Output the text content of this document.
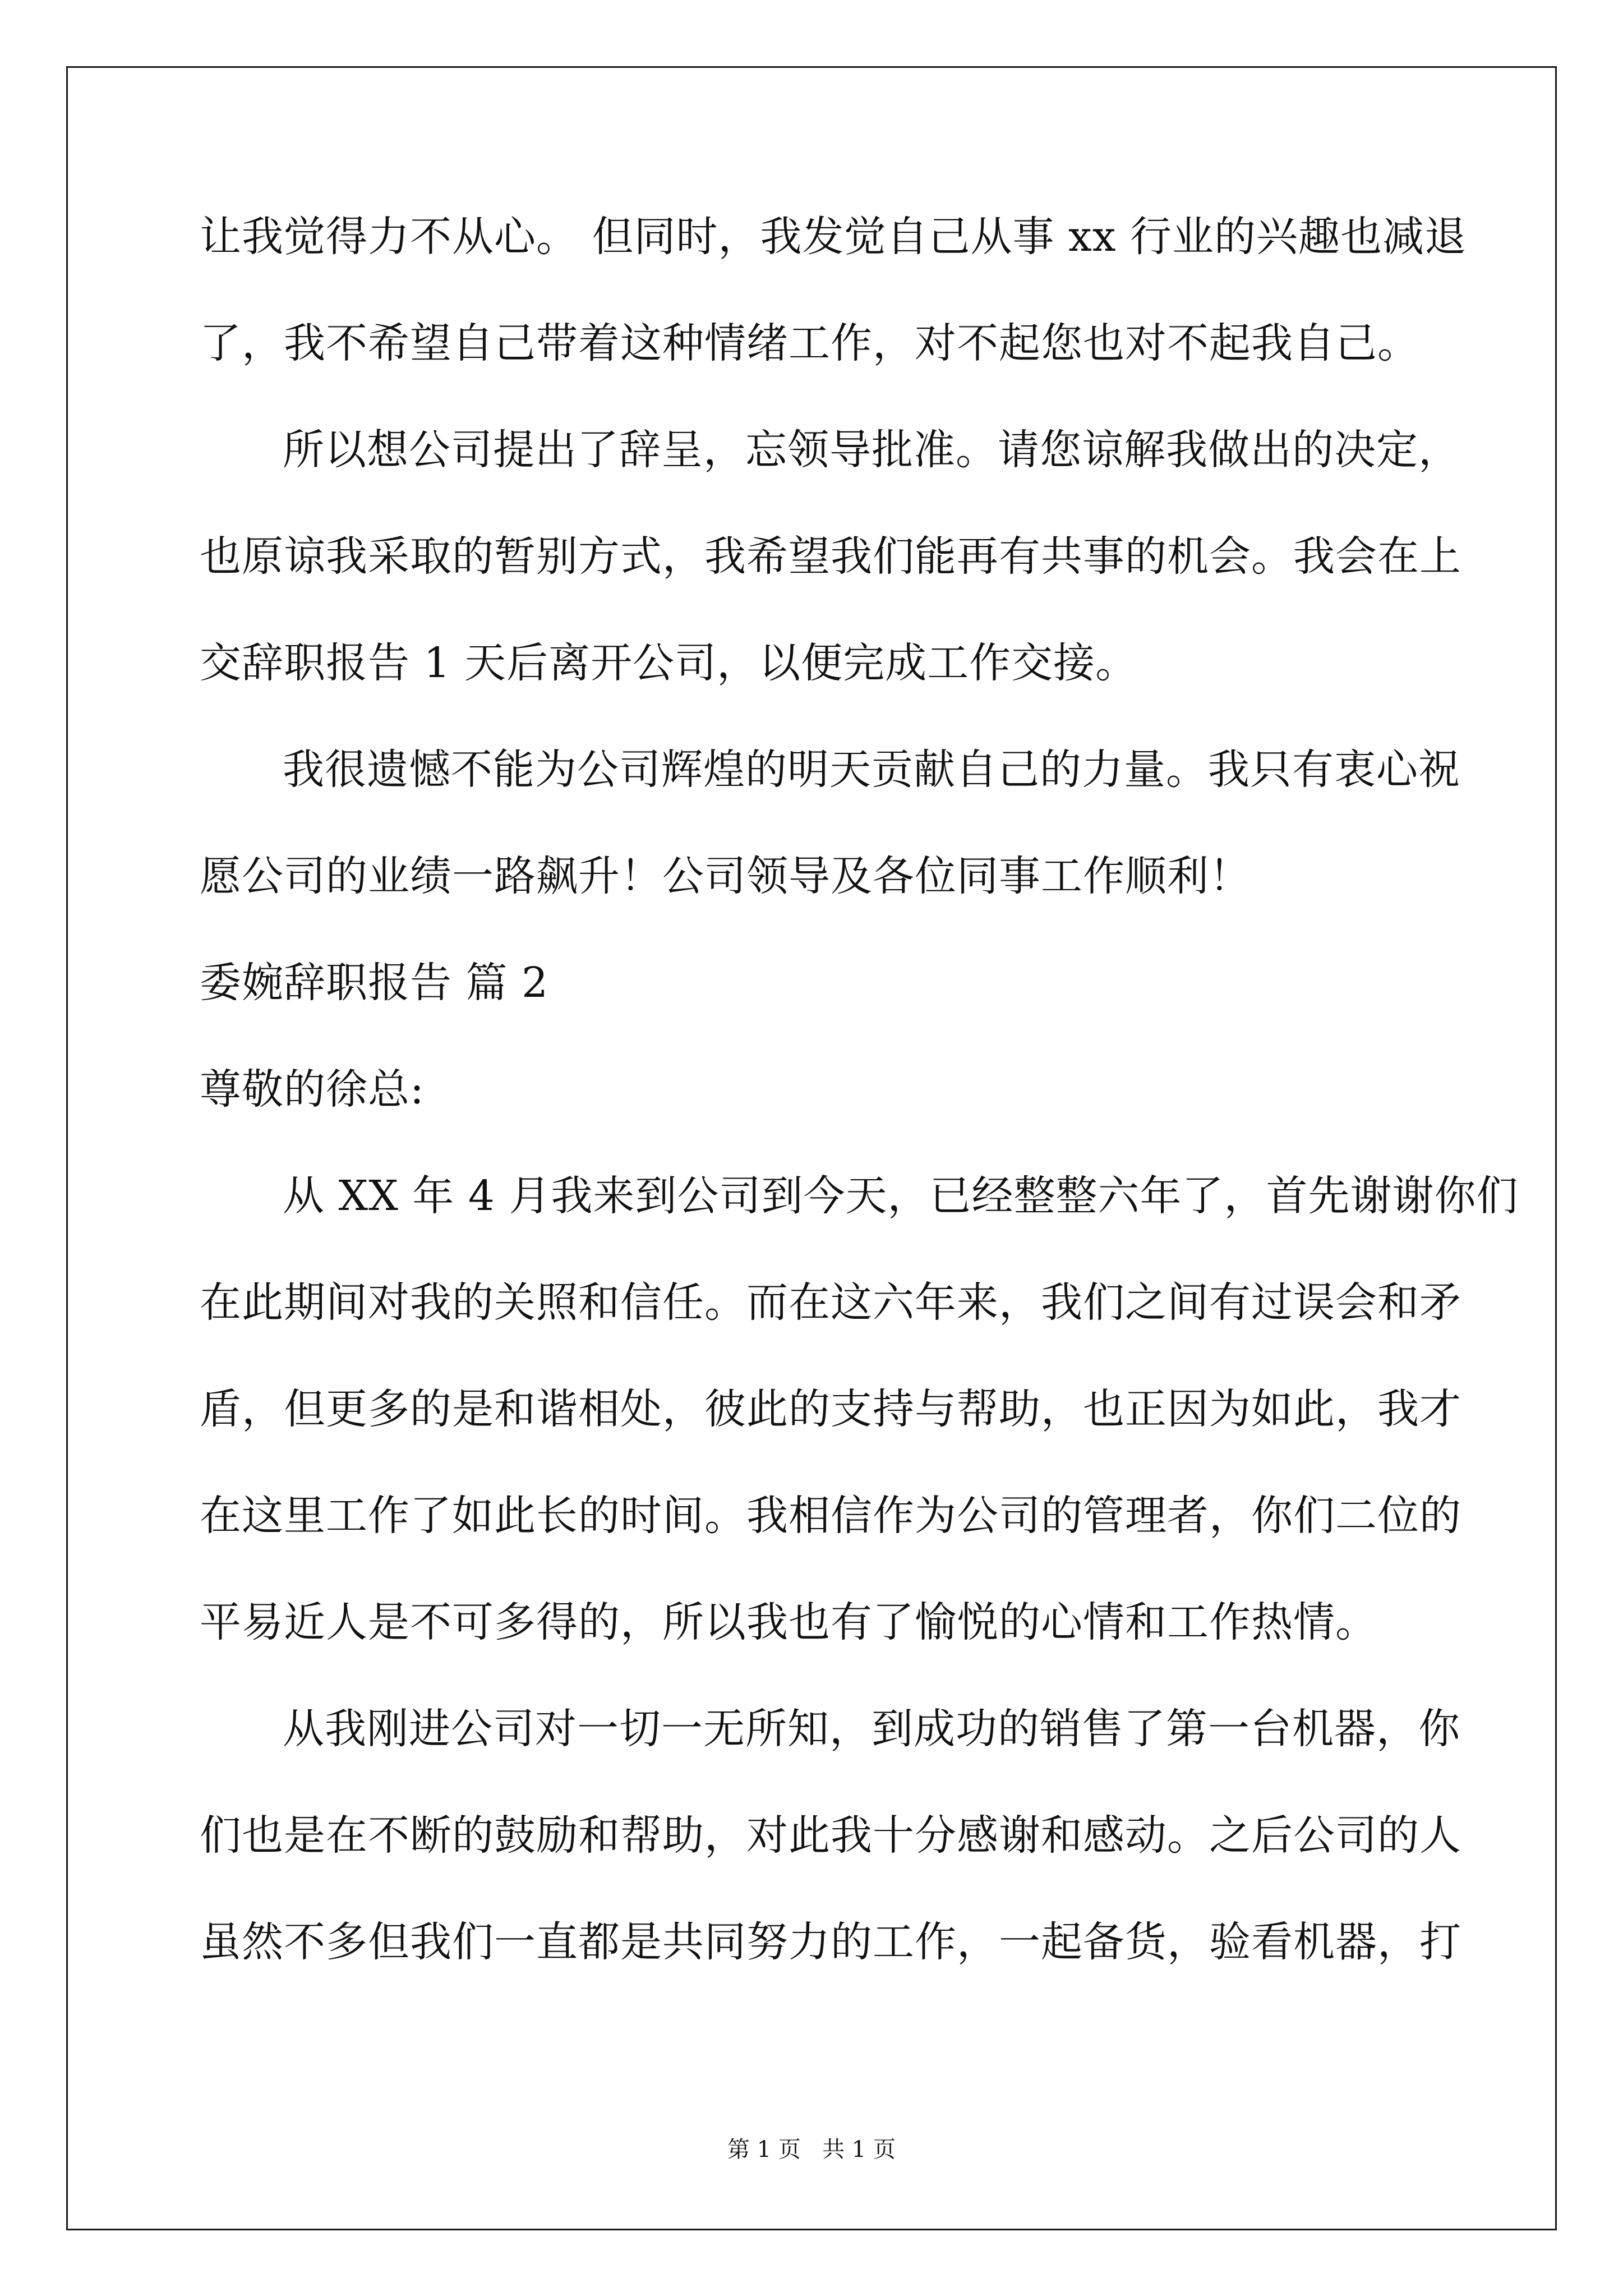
让我觉得力不从心。 但同时，我发觉自己从事 xx 行业的兴趣也减退
了，我不希望自己带着这种情绪工作，对不起您也对不起我自己。
所以想公司提出了辞呈，忘领导批准。请您谅解我做出的决定，
也原谅我采取的暂别方式，我希望我们能再有共事的机会。我会在上
交辞职报告 1 天后离开公司，以便完成工作交接。
我很遗憾不能为公司辉煌的明天贡献自己的力量。我只有衷心祝
愿公司的业绩一路飙升！公司领导及各位同事工作顺利！
委婉辞职报告 篇 2
尊敬的徐总:
从 XX 年 4 月我来到公司到今天，已经整整六年了，首先谢谢你们
在此期间对我的关照和信任。而在这六年来，我们之间有过误会和矛
盾，但更多的是和谐相处，彼此的支持与帮助，也正因为如此，我才
在这里工作了如此长的时间。我相信作为公司的管理者，你们二位的
平易近人是不可多得的，所以我也有了愉悦的心情和工作热情。
从我刚进公司对一切一无所知，到成功的销售了第一台机器，你
们也是在不断的鼓励和帮助，对此我十分感谢和感动。之后公司的人
虽然不多但我们一直都是共同努力的工作，一起备货，验看机器，打
第 1 页   共 1 页
